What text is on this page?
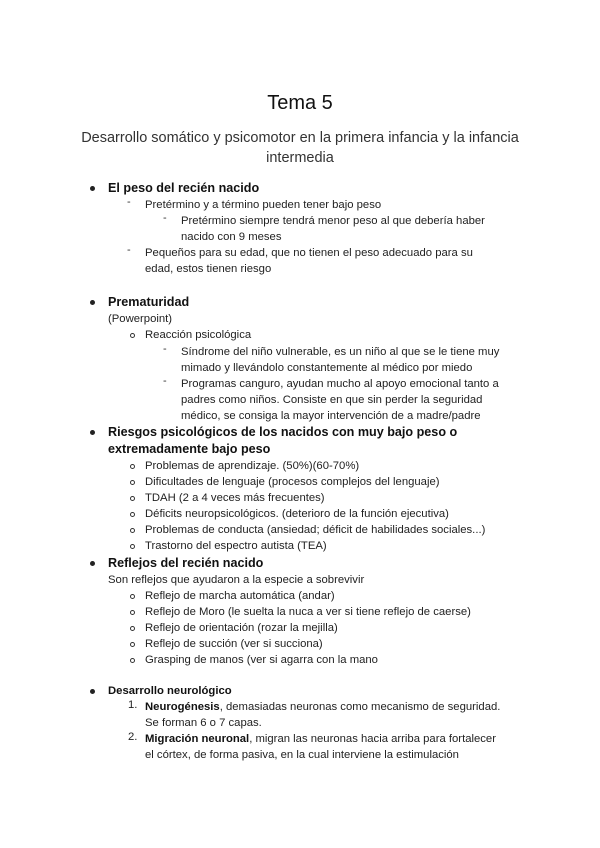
Tema 5
Desarrollo somático y psicomotor en la primera infancia y la infancia intermedia
El peso del recién nacido
- Pretérmino y a término pueden tener bajo peso
- Pretérmino siempre tendrá menor peso al que debería haber
nacido con 9 meses
- Pequeños para su edad, que no tienen el peso adecuado para su
edad, estos tienen riesgo
Prematuridad
(Powerpoint)
Reacción psicológica
- Síndrome del niño vulnerable, es un niño al que se le tiene muy
mimado y llevándolo constantemente al médico por miedo
- Programas canguro, ayudan mucho al apoyo emocional tanto a
padres como niños. Consiste en que sin perder la seguridad
médico, se consiga la mayor intervención de a madre/padre
Riesgos psicológicos de los nacidos con muy bajo peso o
extremadamente bajo peso
Problemas de aprendizaje. (50%)(60-70%)
Dificultades de lenguaje (procesos complejos del lenguaje)
TDAH (2 a 4 veces más frecuentes)
Déficits neuropsicológicos. (deterioro de la función ejecutiva)
Problemas de conducta (ansiedad; déficit de habilidades sociales...)
Trastorno del espectro autista (TEA)
Reflejos del recién nacido
Son reflejos que ayudaron a la especie a sobrevivir
Reflejo de marcha automática (andar)
Reflejo de Moro (le suelta la nuca a ver si tiene reflejo de caerse)
Reflejo de orientación (rozar la mejilla)
Reflejo de succión (ver si succiona)
Grasping de manos (ver si agarra con la mano
Desarrollo neurológico
1. Neurogénesis, demasiadas neuronas como mecanismo de seguridad.
Se forman 6 o 7 capas.
2. Migración neuronal, migran las neuronas hacia arriba para fortalecer
el córtex, de forma pasiva, en la cual interviene la estimulación
